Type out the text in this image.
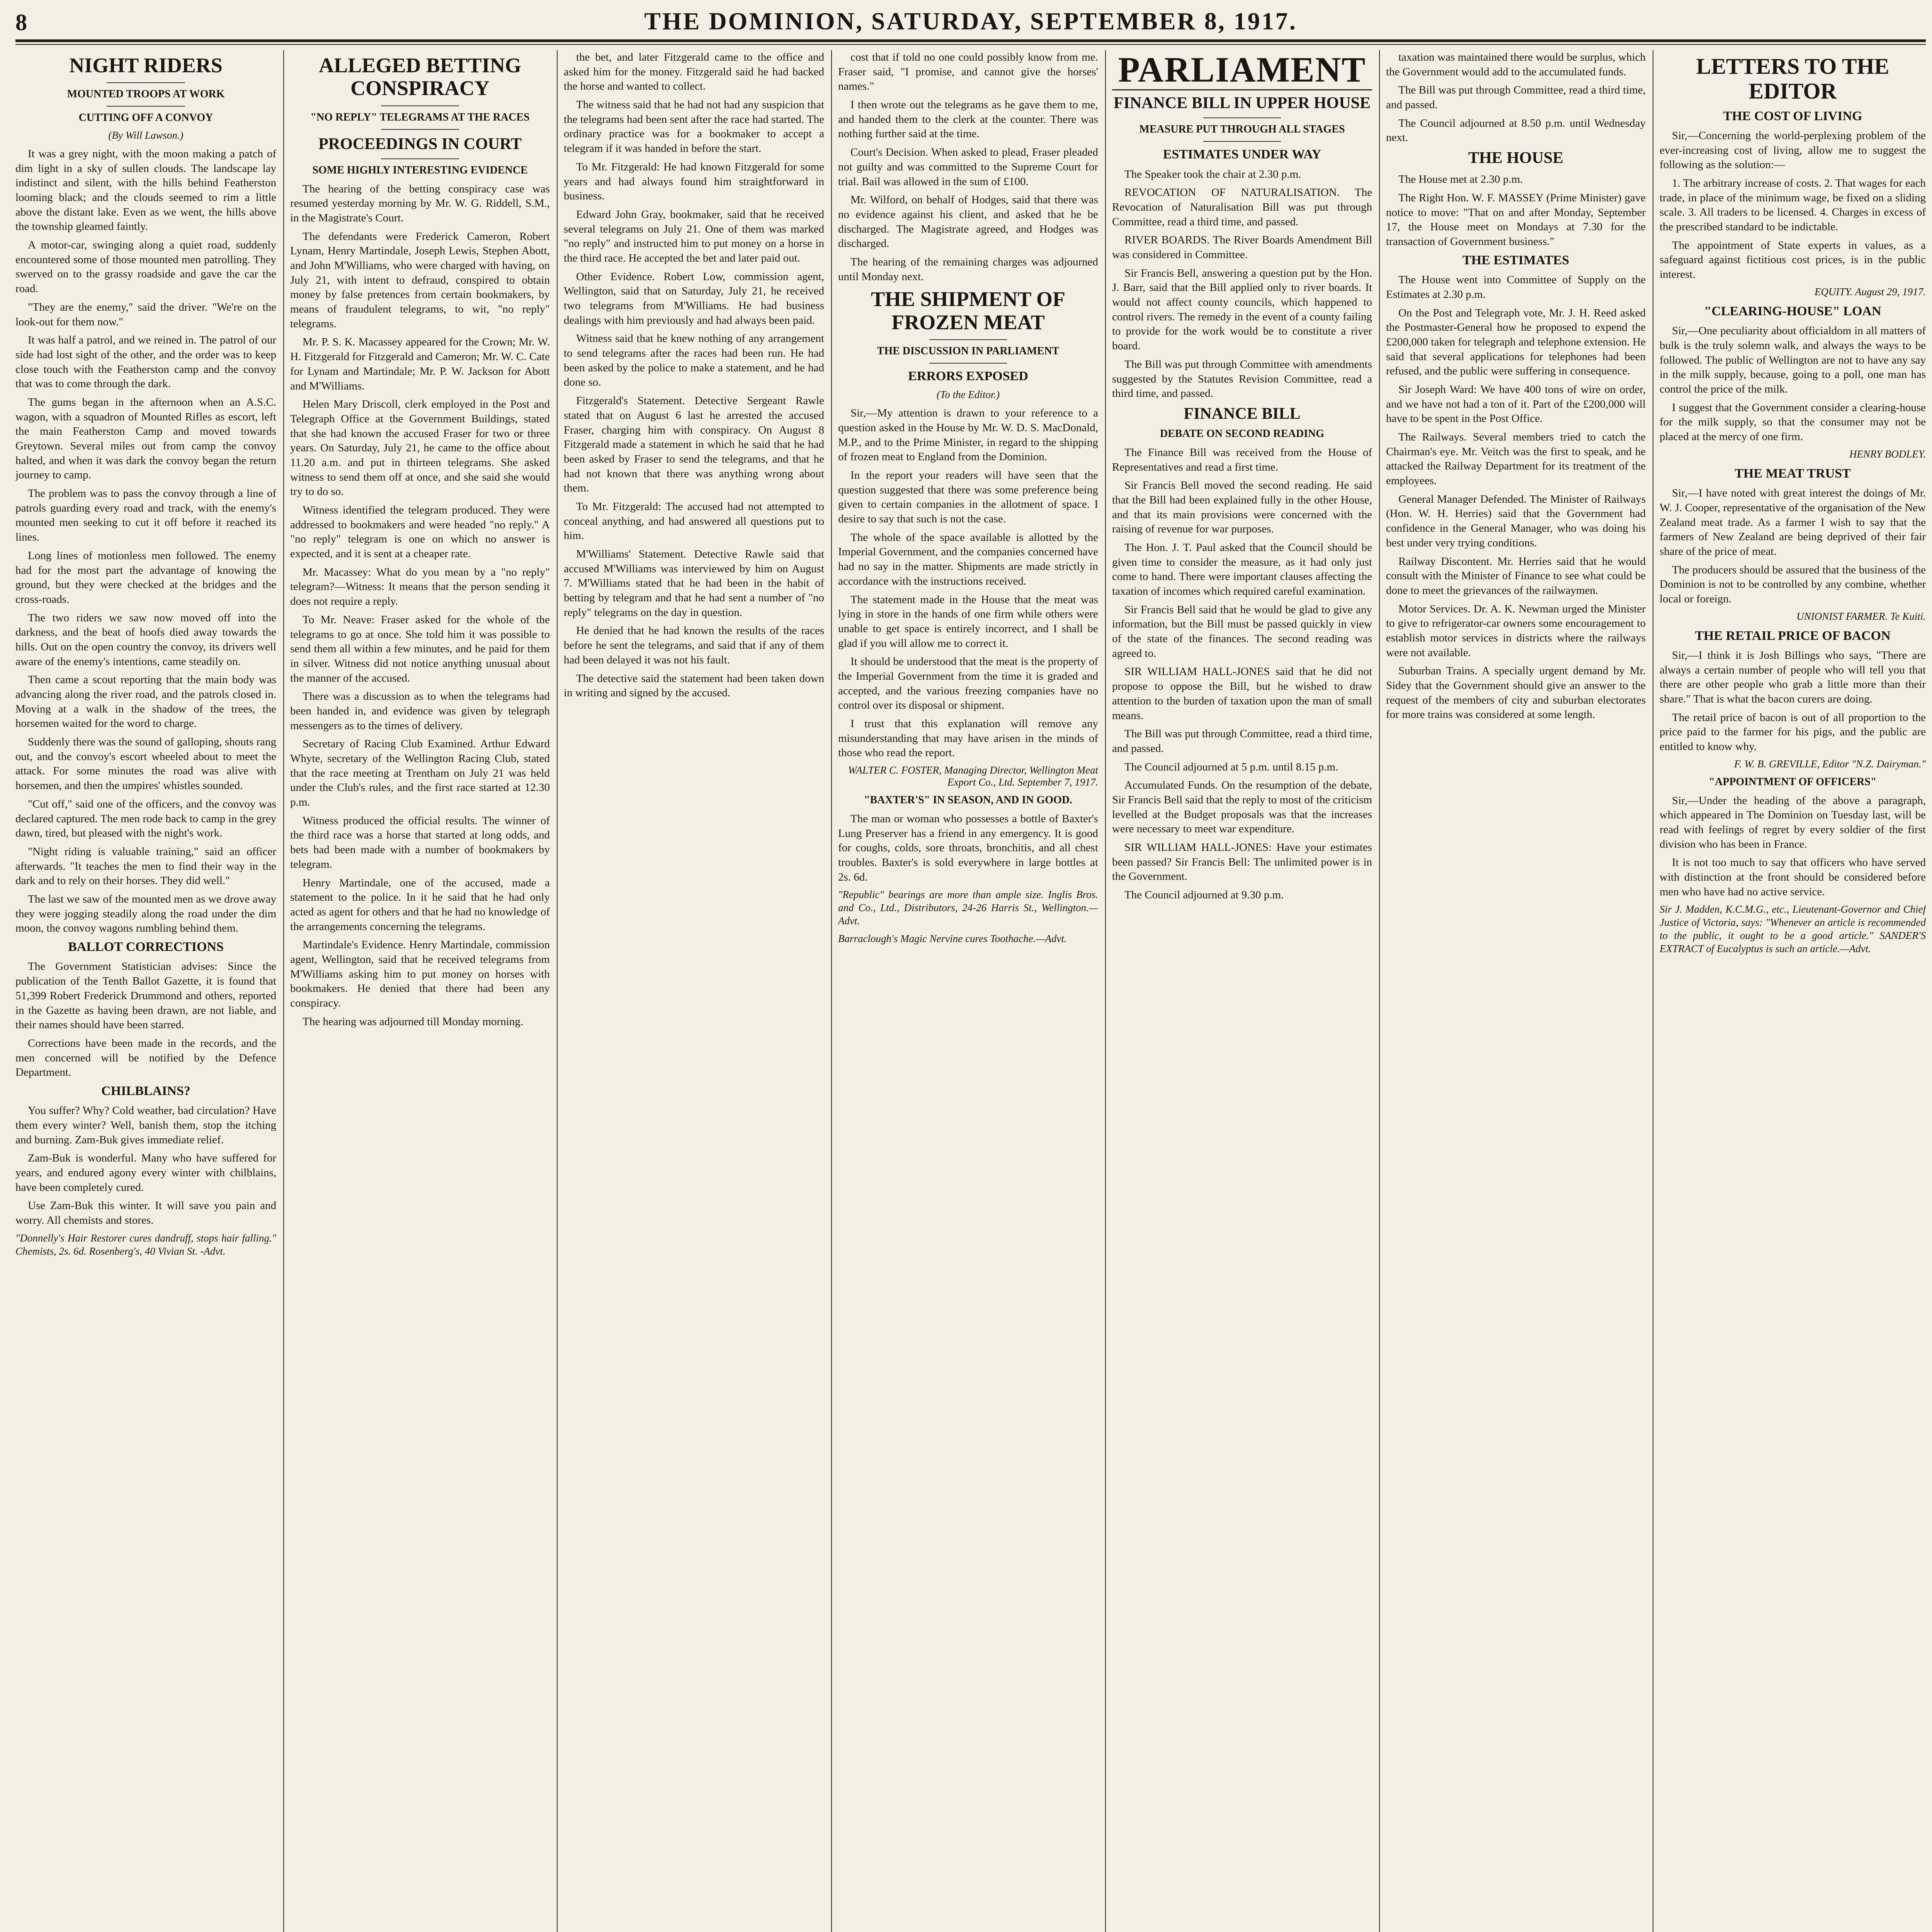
8	THE DOMINION, SATURDAY, SEPTEMBER 8, 1917.
NIGHT RIDERS
MOUNTED TROOPS AT WORK
CUTTING OFF A CONVOY
(By Will Lawson.)

It was a grey night, with the moon making a patch of dim light in a sky of sullen clouds. The landscape lay indistinct and silent, with the hills behind Featherston looming black; and the clouds seemed to rim a little above the distant lake. Even as we went, the hills above the township gleamed faintly.

A motor-car, swinging along a quiet road, suddenly encountered some of those mounted men patrolling. They swerved on to the grassy roadside and gave the car the road.

"They are the enemy," said the driver. "We're on the look-out for them now."

It was half a patrol, and we reined in. The patrol of our side had lost sight of the other, and the order was to keep close touch with the Featherston camp and the convoy that was to come through the dark.

The gums began in the afternoon when an A.S.C. wagon, with a squadron of Mounted Rifles as escort, left the main Featherston Camp and moved towards Greytown. Several miles out from camp the convoy halted, and when it was dark the convoy began the return journey to camp.

The problem was to pass the convoy through a line of patrols guarding every road and track, with the enemy's mounted men seeking to cut it off before it reached its lines.

Long lines of motionless men followed. The enemy had for the most part the advantage of knowing the ground, but they were checked at the bridges and the cross-roads.

The two riders we saw now moved off into the darkness, and the beat of hoofs died away towards the hills. Out on the open country the convoy, its drivers well aware of the enemy's intentions, came steadily on.

Then came a scout reporting that the main body was advancing along the river road, and the patrols closed in. Moving at a walk in the shadow of the trees, the horsemen waited for the word to charge.

Suddenly there was the sound of galloping, shouts rang out, and the convoy's escort wheeled about to meet the attack. For some minutes the road was alive with horsemen, and then the umpires' whistles sounded.

"Cut off," said one of the officers, and the convoy was declared captured. The men rode back to camp in the grey dawn, tired, but pleased with the night's work.

"Night riding is valuable training," said an officer afterwards. "It teaches the men to find their way in the dark and to rely on their horses. They did well."

The last we saw of the mounted men as we drove away they were jogging steadily along the road under the dim moon, the convoy wagons rumbling behind them.

BALLOT CORRECTIONS

The Government Statistician advises: Since the publication of the Tenth Ballot Gazette, it is found that 51,399 Robert Frederick Drummond and others, reported in the Gazette as having been drawn, are not liable, and their names should have been starred.

Corrections have been made in the records, and the men concerned will be notified by the Defence Department.

CHILBLAINS?

You suffer? Why? Cold weather, bad circulation? Have them every winter? Well, banish them, stop the itching and burning. Zam-Buk gives immediate relief.

Zam-Buk is wonderful. Many who have suffered for years, and endured agony every winter with chilblains, have been completely cured.

Use Zam-Buk this winter. It will save you pain and worry. All chemists and stores.

"Donnelly's Hair Restorer cures dandruff, stops hair falling." Chemists, 2s. 6d. Rosenberg's, 40 Vivian St. -Advt.

ALLEGED BETTING CONSPIRACY
"NO REPLY" TELEGRAMS AT THE RACES
PROCEEDINGS IN COURT
SOME HIGHLY INTERESTING EVIDENCE

The hearing of the betting conspiracy case was resumed yesterday morning by Mr. W. G. Riddell, S.M., in the Magistrate's Court.

The defendants were Frederick Cameron, Robert Lynam, Henry Martindale, Joseph Lewis, Stephen Abott, and John M'Williams, who were charged with having, on July 21, with intent to defraud, conspired to obtain money by false pretences from certain bookmakers, by means of fraudulent telegrams, to wit, "no reply" telegrams.

Mr. P. S. K. Macassey appeared for the Crown; Mr. W. H. Fitzgerald for Fitzgerald and Cameron; Mr. W. C. Cate for Lynam and Martindale; Mr. P. W. Jackson for Abott and M'Williams.

Helen Mary Driscoll, clerk employed in the Post and Telegraph Office at the Government Buildings, stated that she had known the accused Fraser for two or three years. On Saturday, July 21, he came to the office about 11.20 a.m. and put in thirteen telegrams. She asked witness to send them off at once, and she said she would try to do so.

Witness identified the telegram produced. They were addressed to bookmakers and were headed "no reply." A "no reply" telegram is one on which no answer is expected, and it is sent at a cheaper rate.

Mr. Macassey: What do you mean by a "no reply" telegram?—Witness: It means that the person sending it does not require a reply.

To Mr. Neave: Fraser asked for the whole of the telegrams to go at once. She told him it was possible to send them all within a few minutes, and he paid for them in silver. Witness did not notice anything unusual about the manner of the accused.

There was a discussion as to when the telegrams had been handed in, and evidence was given by telegraph messengers as to the times of delivery.

Secretary of Racing Club Examined. Arthur Edward Whyte, secretary of the Wellington Racing Club, stated that the race meeting at Trentham on July 21 was held under the Club's rules, and the first race started at 12.30 p.m.

Witness produced the official results. The winner of the third race was a horse that started at long odds, and bets had been made with a number of bookmakers by telegram.

Henry Martindale, one of the accused, made a statement to the police. In it he said that he had only acted as agent for others and that he had no knowledge of the arrangements concerning the telegrams.

Martindale's Evidence. Henry Martindale, commission agent, Wellington, said that he received telegrams from M'Williams asking him to put money on horses with bookmakers. He denied that there had been any conspiracy.

The hearing was adjourned till Monday morning.

the bet, and later Fitzgerald came to the office and asked him for the money. Fitzgerald said he had backed the horse and wanted to collect.

The witness said that he had not had any suspicion that the telegrams had been sent after the race had started. The ordinary practice was for a bookmaker to accept a telegram if it was handed in before the start.

To Mr. Fitzgerald: He had known Fitzgerald for some years and had always found him straightforward in business.

Edward John Gray, bookmaker, said that he received several telegrams on July 21. One of them was marked "no reply" and instructed him to put money on a horse in the third race. He accepted the bet and later paid out.

Other Evidence. Robert Low, commission agent, Wellington, said that on Saturday, July 21, he received two telegrams from M'Williams. He had business dealings with him previously and had always been paid.

Witness said that he knew nothing of any arrangement to send telegrams after the races had been run. He had been asked by the police to make a statement, and he had done so.

Fitzgerald's Statement. Detective Sergeant Rawle stated that on August 6 last he arrested the accused Fraser, charging him with conspiracy. On August 8 Fitzgerald made a statement in which he said that he had been asked by Fraser to send the telegrams, and that he had not known that there was anything wrong about them.

To Mr. Fitzgerald: The accused had not attempted to conceal anything, and had answered all questions put to him.

M'Williams' Statement. Detective Rawle said that accused M'Williams was interviewed by him on August 7. M'Williams stated that he had been in the habit of betting by telegram and that he had sent a number of "no reply" telegrams on the day in question.

He denied that he had known the results of the races before he sent the telegrams, and said that if any of them had been delayed it was not his fault.

The detective said the statement had been taken down in writing and signed by the accused.

cost that if told no one could possibly know from me. Fraser said, "I promise, and cannot give the horses' names."

I then wrote out the telegrams as he gave them to me, and handed them to the clerk at the counter. There was nothing further said at the time.

Court's Decision. When asked to plead, Fraser pleaded not guilty and was committed to the Supreme Court for trial. Bail was allowed in the sum of £100.

Mr. Wilford, on behalf of Hodges, said that there was no evidence against his client, and asked that he be discharged. The Magistrate agreed, and Hodges was discharged.

The hearing of the remaining charges was adjourned until Monday next.

THE SHIPMENT OF FROZEN MEAT
THE DISCUSSION IN PARLIAMENT
ERRORS EXPOSED
(To the Editor.)

Sir,—My attention is drawn to your reference to a question asked in the House by Mr. W. D. S. MacDonald, M.P., and to the Prime Minister, in regard to the shipping of frozen meat to England from the Dominion.

In the report your readers will have seen that the question suggested that there was some preference being given to certain companies in the allotment of space. I desire to say that such is not the case.

The whole of the space available is allotted by the Imperial Government, and the companies concerned have had no say in the matter. Shipments are made strictly in accordance with the instructions received.

The statement made in the House that the meat was lying in store in the hands of one firm while others were unable to get space is entirely incorrect, and I shall be glad if you will allow me to correct it.

It should be understood that the meat is the property of the Imperial Government from the time it is graded and accepted, and the various freezing companies have no control over its disposal or shipment.

I trust that this explanation will remove any misunderstanding that may have arisen in the minds of those who read the report.

WALTER C. FOSTER, Managing Director, Wellington Meat Export Co., Ltd. September 7, 1917.

"BAXTER'S" IN SEASON, AND IN GOOD.

The man or woman who possesses a bottle of Baxter's Lung Preserver has a friend in any emergency. It is good for coughs, colds, sore throats, bronchitis, and all chest troubles. Baxter's is sold everywhere in large bottles at 2s. 6d.

"Republic" bearings are more than ample size. Inglis Bros. and Co., Ltd., Distributors, 24-26 Harris St., Wellington.—Advt.

Barraclough's Magic Nervine cures Toothache.—Advt.

PARLIAMENT
FINANCE BILL IN UPPER HOUSE
MEASURE PUT THROUGH ALL STAGES
ESTIMATES UNDER WAY

The Speaker took the chair at 2.30 p.m.

REVOCATION OF NATURALISATION. The Revocation of Naturalisation Bill was put through Committee, read a third time, and passed.

RIVER BOARDS. The River Boards Amendment Bill was considered in Committee.

Sir Francis Bell, answering a question put by the Hon. J. Barr, said that the Bill applied only to river boards. It would not affect county councils, which happened to control rivers. The remedy in the event of a county failing to provide for the work would be to constitute a river board.

The Bill was put through Committee with amendments suggested by the Statutes Revision Committee, read a third time, and passed.

FINANCE BILL
DEBATE ON SECOND READING

The Finance Bill was received from the House of Representatives and read a first time.

Sir Francis Bell moved the second reading. He said that the Bill had been explained fully in the other House, and that its main provisions were concerned with the raising of revenue for war purposes.

The Hon. J. T. Paul asked that the Council should be given time to consider the measure, as it had only just come to hand. There were important clauses affecting the taxation of incomes which required careful examination.

Sir Francis Bell said that he would be glad to give any information, but the Bill must be passed quickly in view of the state of the finances. The second reading was agreed to.

SIR WILLIAM HALL-JONES said that he did not propose to oppose the Bill, but he wished to draw attention to the burden of taxation upon the man of small means.

The Bill was put through Committee, read a third time, and passed.

The Council adjourned at 5 p.m. until 8.15 p.m.

Accumulated Funds. On the resumption of the debate, Sir Francis Bell said that the reply to most of the criticism levelled at the Budget proposals was that the increases were necessary to meet war expenditure.

SIR WILLIAM HALL-JONES: Have your estimates been passed? Sir Francis Bell: The unlimited power is in the Government.

The Council adjourned at 9.30 p.m.

taxation was maintained there would be surplus, which the Government would add to the accumulated funds.

The Bill was put through Committee, read a third time, and passed.

The Council adjourned at 8.50 p.m. until Wednesday next.

THE HOUSE

The House met at 2.30 p.m.

The Right Hon. W. F. MASSEY (Prime Minister) gave notice to move: "That on and after Monday, September 17, the House meet on Mondays at 7.30 for the transaction of Government business."

THE ESTIMATES

The House went into Committee of Supply on the Estimates at 2.30 p.m.

On the Post and Telegraph vote, Mr. J. H. Reed asked the Postmaster-General how he proposed to expend the £200,000 taken for telegraph and telephone extension. He said that several applications for telephones had been refused, and the public were suffering in consequence.

Sir Joseph Ward: We have 400 tons of wire on order, and we have not had a ton of it. Part of the £200,000 will have to be spent in the Post Office.

The Railways. Several members tried to catch the Chairman's eye. Mr. Veitch was the first to speak, and he attacked the Railway Department for its treatment of the employees.

General Manager Defended. The Minister of Railways (Hon. W. H. Herries) said that the Government had confidence in the General Manager, who was doing his best under very trying conditions.

Railway Discontent. Mr. Herries said that he would consult with the Minister of Finance to see what could be done to meet the grievances of the railwaymen.

Motor Services. Dr. A. K. Newman urged the Minister to give to refrigerator-car owners some encouragement to establish motor services in districts where the railways were not available.

Suburban Trains. A specially urgent demand by Mr. Sidey that the Government should give an answer to the request of the members of city and suburban electorates for more trains was considered at some length.

LETTERS TO THE EDITOR
THE COST OF LIVING

Sir,—Concerning the world-perplexing problem of the ever-increasing cost of living, allow me to suggest the following as the solution:—

1. The arbitrary increase of costs. 2. That wages for each trade, in place of the minimum wage, be fixed on a sliding scale. 3. All traders to be licensed. 4. Charges in excess of the prescribed standard to be indictable.

The appointment of State experts in values, as a safeguard against fictitious cost prices, is in the public interest.

EQUITY. August 29, 1917.

"CLEARING-HOUSE" LOAN

Sir,—One peculiarity about officialdom in all matters of bulk is the truly solemn walk, and always the ways to be followed. The public of Wellington are not to have any say in the milk supply, because, going to a poll, one man has control the price of the milk.

I suggest that the Government consider a clearing-house for the milk supply, so that the consumer may not be placed at the mercy of one firm.

HENRY BODLEY.

THE MEAT TRUST

Sir,—I have noted with great interest the doings of Mr. W. J. Cooper, representative of the organisation of the New Zealand meat trade. As a farmer I wish to say that the farmers of New Zealand are being deprived of their fair share of the price of meat.

The producers should be assured that the business of the Dominion is not to be controlled by any combine, whether local or foreign.

UNIONIST FARMER. Te Kuiti.

THE RETAIL PRICE OF BACON

Sir,—I think it is Josh Billings who says, "There are always a certain number of people who will tell you that there are other people who grab a little more than their share." That is what the bacon curers are doing.

The retail price of bacon is out of all proportion to the price paid to the farmer for his pigs, and the public are entitled to know why.

F. W. B. GREVILLE, Editor "N.Z. Dairyman."

"APPOINTMENT OF OFFICERS"

Sir,—Under the heading of the above a paragraph, which appeared in The Dominion on Tuesday last, will be read with feelings of regret by every soldier of the first division who has been in France.

It is not too much to say that officers who have served with distinction at the front should be considered before men who have had no active service.

Sir J. Madden, K.C.M.G., etc., Lieutenant-Governor and Chief Justice of Victoria, says: "Whenever an article is recommended to the public, it ought to be a good article." SANDER'S EXTRACT of Eucalyptus is such an article.—Advt.
